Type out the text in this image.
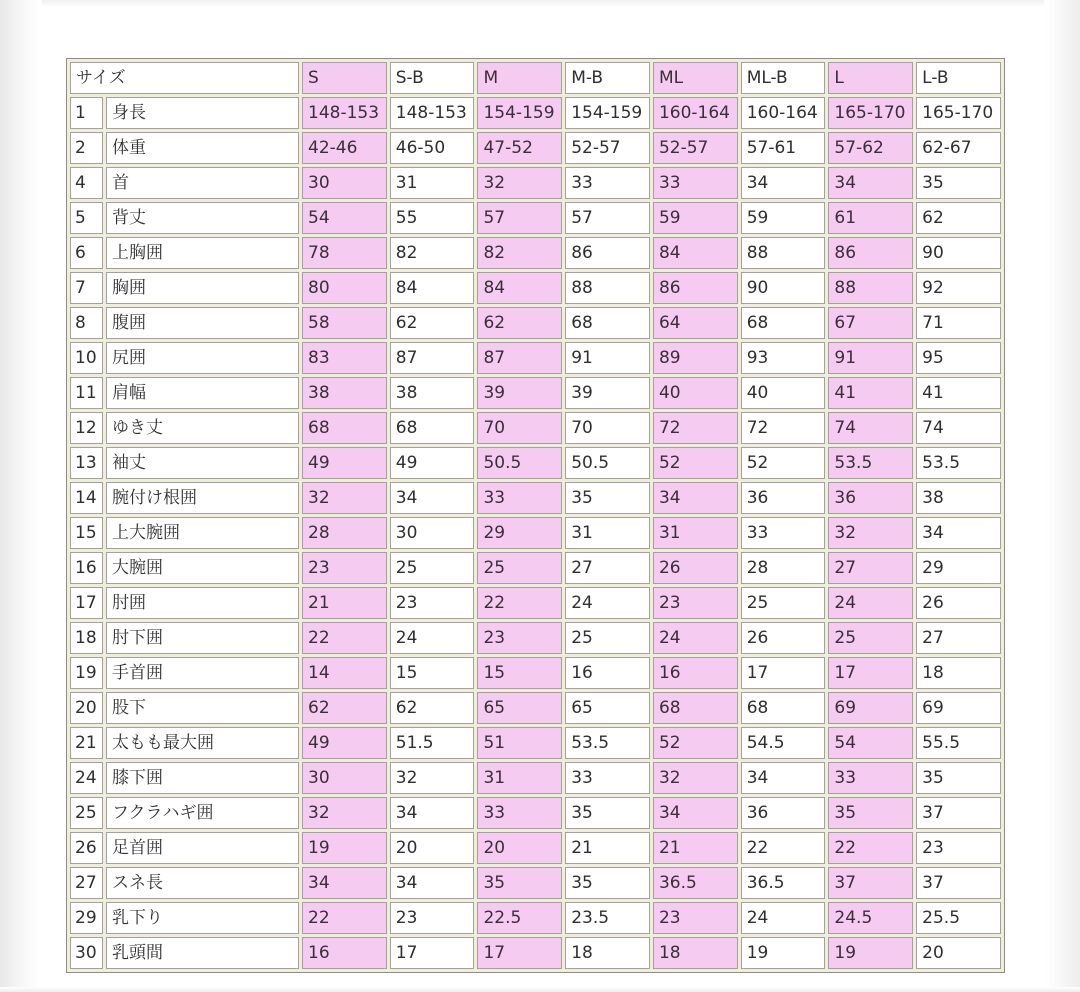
サイズ		S	S-B	M	M-B	ML	ML-B	L	L-B
1	身長	148-153	148-153	154-159	154-159	160-164	160-164	165-170	165-170
2	体重	42-46	46-50	47-52	52-57	52-57	57-61	57-62	62-67
4	首	30	31	32	33	33	34	34	35
5	背丈	54	55	57	57	59	59	61	62
6	上胸囲	78	82	82	86	84	88	86	90
7	胸囲	80	84	84	88	86	90	88	92
8	腹囲	58	62	62	68	64	68	67	71
10	尻囲	83	87	87	91	89	93	91	95
11	肩幅	38	38	39	39	40	40	41	41
12	ゆき丈	68	68	70	70	72	72	74	74
13	袖丈	49	49	50.5	50.5	52	52	53.5	53.5
14	腕付け根囲	32	34	33	35	34	36	36	38
15	上大腕囲	28	30	29	31	31	33	32	34
16	大腕囲	23	25	25	27	26	28	27	29
17	肘囲	21	23	22	24	23	25	24	26
18	肘下囲	22	24	23	25	24	26	25	27
19	手首囲	14	15	15	16	16	17	17	18
20	股下	62	62	65	65	68	68	69	69
21	太もも最大囲	49	51.5	51	53.5	52	54.5	54	55.5
24	膝下囲	30	32	31	33	32	34	33	35
25	フクラハギ囲	32	34	33	35	34	36	35	37
26	足首囲	19	20	20	21	21	22	22	23
27	スネ長	34	34	35	35	36.5	36.5	37	37
29	乳下り	22	23	22.5	23.5	23	24	24.5	25.5
30	乳頭間	16	17	17	18	18	19	19	20
